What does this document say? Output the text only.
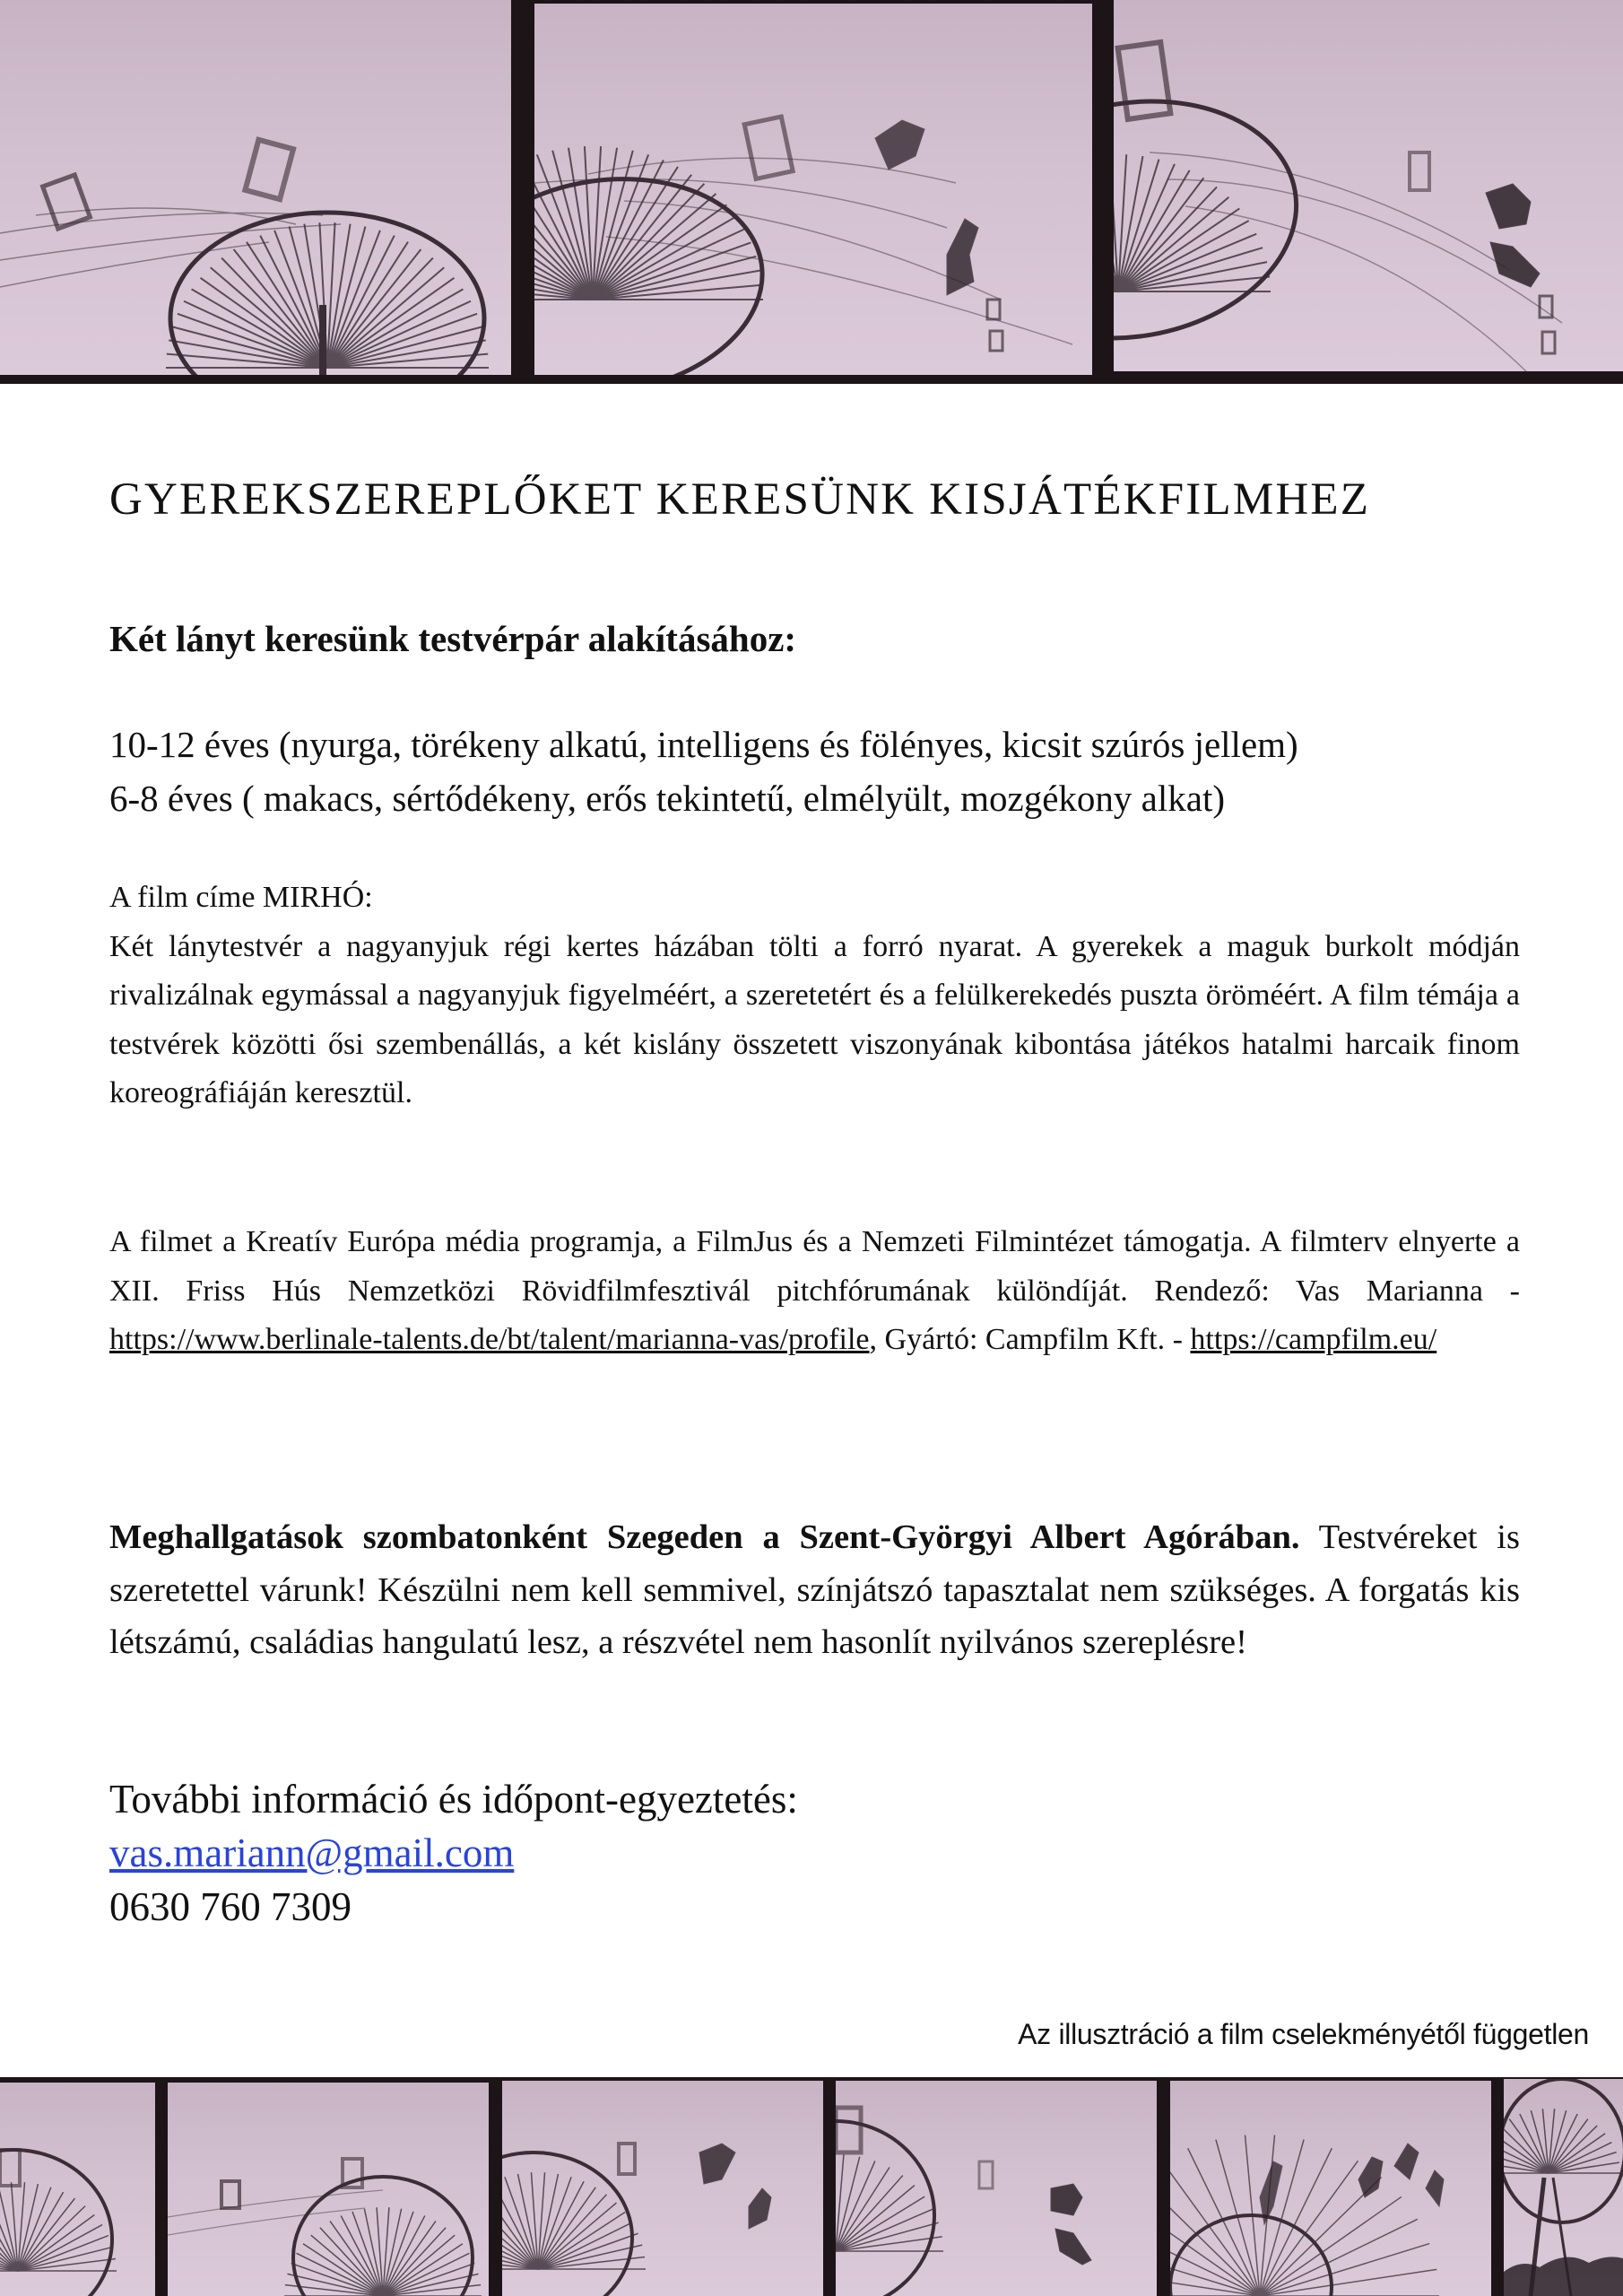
GYEREKSZEREPLŐKET KERESÜNK KISJÁTÉKFILMHEZ
Két lányt keresünk testvérpár alakításához:
10-12 éves (nyurga, törékeny alkatú, intelligens és fölényes, kicsit szúrós jellem)
6-8 éves ( makacs, sértődékeny, erős tekintetű, elmélyült, mozgékony alkat)
A film címe MIRHÓ:

Két lánytestvér a nagyanyjuk régi kertes házában tölti a forró nyarat. A gyerekek a maguk burkolt módján rivalizálnak egymással a nagyanyjuk figyelméért, a szeretetért és a felülkerekedés puszta öröméért. A film témája a testvérek közötti ősi szembenállás, a két kislány összetett viszonyának kibontása játékos hatalmi harcaik finom koreográfiáján keresztül.

A filmet a Kreatív Európa média programja, a FilmJus és a Nemzeti Filmintézet támogatja. A filmterv elnyerte a XII. Friss Hús Nemzetközi Rövidfilmfesztivál pitchfórumának különdíját. Rendező: Vas Marianna - https://www.berlinale-talents.de/bt/talent/marianna-vas/profile, Gyártó: Campfilm Kft. - https://campfilm.eu/

Meghallgatások szombatonként Szegeden a Szent-Györgyi Albert Agórában. Testvéreket is szeretettel várunk! Készülni nem kell semmivel, színjátszó tapasztalat nem szükséges. A forgatás kis létszámú, családias hangulatú lesz, a részvétel nem hasonlít nyilvános szereplésre!

További információ és időpont-egyeztetés:
vas.mariann@gmail.com
0630 760 7309
Az illusztráció a film cselekményétől független
